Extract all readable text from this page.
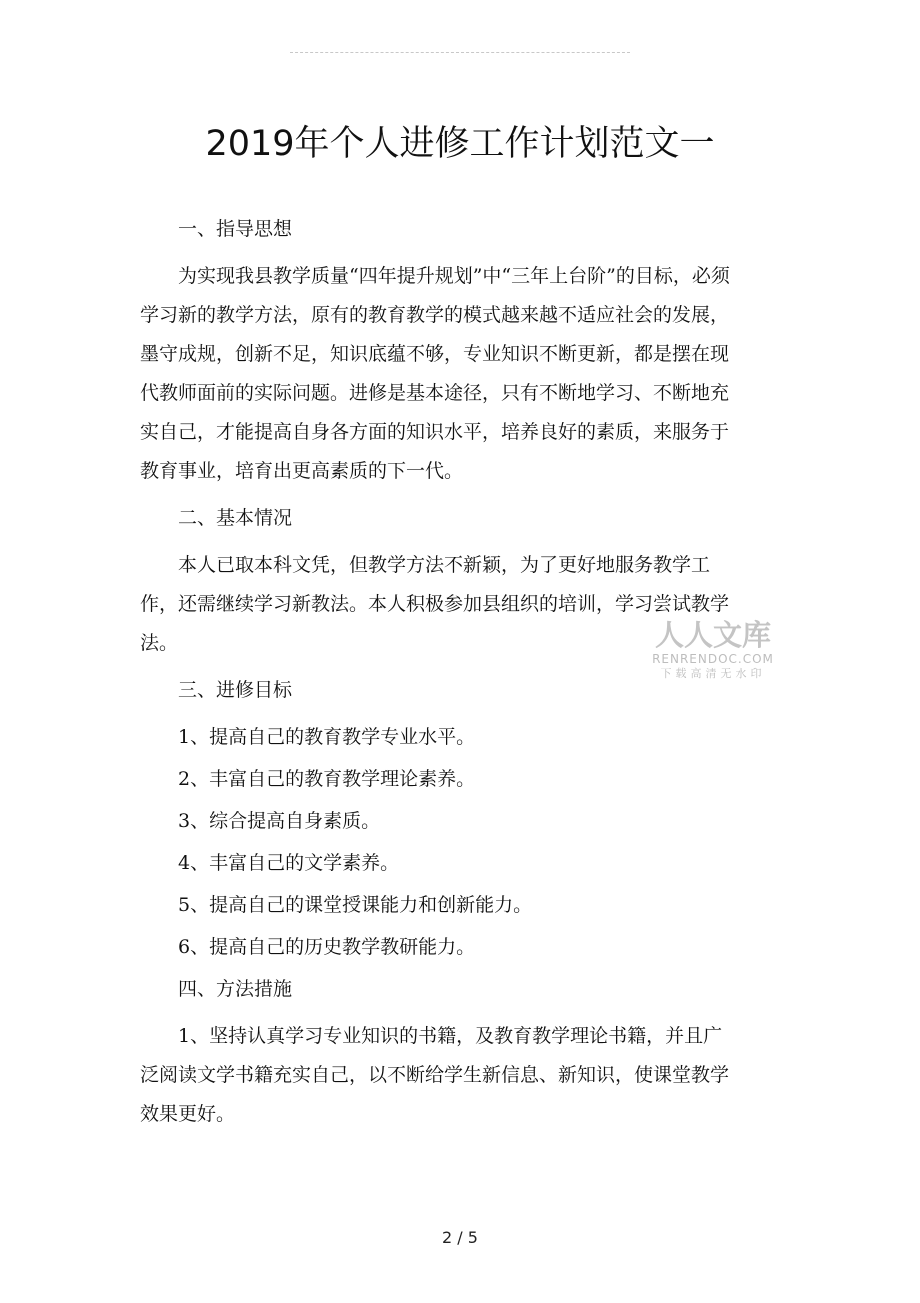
2019年个人进修工作计划范文一

一、指导思想

为实现我县教学质量“四年提升规划”中“三年上台阶”的目标，必须学习新的教学方法，原有的教育教学的模式越来越不适应社会的发展，墨守成规，创新不足，知识底蕴不够，专业知识不断更新，都是摆在现代教师面前的实际问题。进修是基本途径，只有不断地学习、不断地充实自己，才能提高自身各方面的知识水平，培养良好的素质，来服务于教育事业，培育出更高素质的下一代。

二、基本情况

本人已取本科文凭，但教学方法不新颖，为了更好地服务教学工作，还需继续学习新教法。本人积极参加县组织的培训，学习尝试教学法。

三、进修目标

1、提高自己的教育教学专业水平。

2、丰富自己的教育教学理论素养。

3、综合提高自身素质。

4、丰富自己的文学素养。

5、提高自己的课堂授课能力和创新能力。

6、提高自己的历史教学教研能力。

四、方法措施

1、坚持认真学习专业知识的书籍，及教育教学理论书籍，并且广泛阅读文学书籍充实自己，以不断给学生新信息、新知识，使课堂教学效果更好。

人人文库
RENRENDOC.COM
下载高清无水印
2 / 5
